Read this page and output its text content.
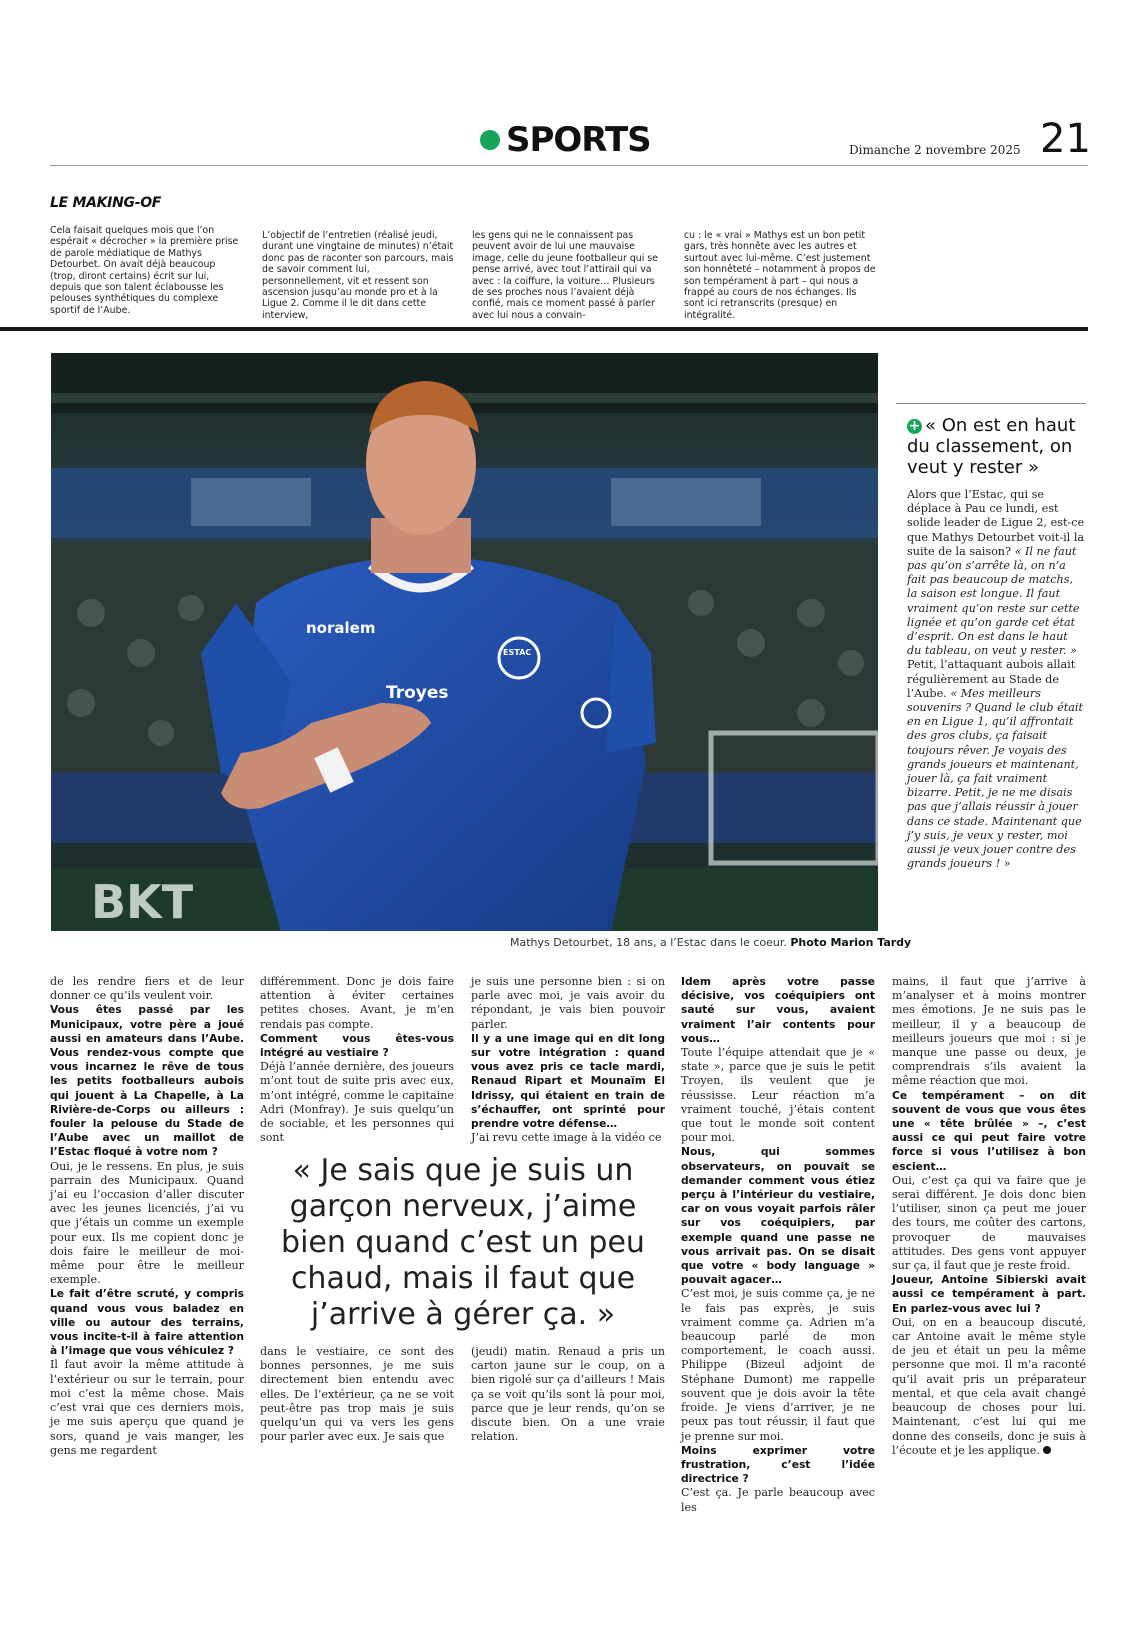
SPORTS	Dimanche 2 novembre 2025 21
LE MAKING-OF
Cela faisait quelques mois que l’on espérait « décrocher » la première prise de parole médiatique de Mathys Detourbet. On avait déjà beaucoup (trop, diront certains) écrit sur lui, depuis que son talent éclabousse les pelouses synthétiques du complexe sportif de l’Aube.
L’objectif de l’entretien (réalisé jeudi, durant une vingtaine de minutes) n’était donc pas de raconter son parcours, mais de savoir comment lui, personnellement, vit et ressent son ascension jusqu’au monde pro et à la Ligue 2. Comme il le dit dans cette interview,
les gens qui ne le connaissent pas peuvent avoir de lui une mauvaise image, celle du jeune footballeur qui se pense arrivé, avec tout l’attirail qui va avec : la coiffure, la voiture… Plusieurs de ses proches nous l’avaient déjà confié, mais ce moment passé à parler avec lui nous a convain-
cu : le « vrai » Mathys est un bon petit gars, très honnête avec les autres et surtout avec lui-même. C’est justement son honnêteté – notamment à propos de son tempérament à part – qui nous a frappé au cours de nos échanges. Ils sont ici retranscrits (presque) en intégralité.
BKT
noralem
Troyes
ESTAC
Mathys Detourbet, 18 ans, a l’Estac dans le coeur. Photo Marion Tardy
+ « On est en haut du classement, on veut y rester »
Alors que l’Estac, qui se déplace à Pau ce lundi, est solide leader de Ligue 2, est-ce que Mathys Detourbet voit-il la suite de la saison? « Il ne faut pas qu’on s’arrête là, on n’a fait pas beaucoup de matchs, la saison est longue. Il faut vraiment qu’on reste sur cette lignée et qu’on garde cet état d’esprit. On est dans le haut du tableau, on veut y rester. » Petit, l’attaquant aubois allait régulièrement au Stade de l’Aube. « Mes meilleurs souvenirs ? Quand le club était en en Ligue 1, qu’il affrontait des gros clubs, ça faisait toujours rêver. Je voyais des grands joueurs et maintenant, jouer là, ça fait vraiment bizarre. Petit, je ne me disais pas que j’allais réussir à jouer dans ce stade. Maintenant que j’y suis, je veux y rester, moi aussi je veux jouer contre des grands joueurs ! »
de les rendre fiers et de leur donner ce qu’ils veulent voir.
Vous êtes passé par les Municipaux, votre père a joué aussi en amateurs dans l’Aube. Vous rendez-vous compte que vous incarnez le rêve de tous les petits footballeurs aubois qui jouent à La Chapelle, à La Rivière-de-Corps ou ailleurs : fouler la pelouse du Stade de l’Aube avec un maillot de l’Estac floqué à votre nom ?
Oui, je le ressens. En plus, je suis parrain des Municipaux. Quand j’ai eu l’occasion d’aller discuter avec les jeunes licenciés, j’ai vu que j’étais un comme un exemple pour eux. Ils me copient donc je dois faire le meilleur de moi-même pour être le meilleur exemple.
Le fait d’être scruté, y compris quand vous vous baladez en ville ou autour des terrains, vous incite-t-il à faire attention à l’image que vous véhiculez ?
Il faut avoir la même attitude à l’extérieur ou sur le terrain, pour moi c’est la même chose. Mais c’est vrai que ces derniers mois, je me suis aperçu que quand je sors, quand je vais manger, les gens me regardent
différemment. Donc je dois faire attention à éviter certaines petites choses. Avant, je m’en rendais pas compte.
Comment vous êtes-vous intégré au vestiaire ?
Déjà l’année dernière, des joueurs m’ont tout de suite pris avec eux, m’ont intégré, comme le capitaine Adri (Monfray). Je suis quelqu’un de sociable, et les personnes qui sont
je suis une personne bien : si on parle avec moi, je vais avoir du répondant, je vais bien pouvoir parler.
Il y a une image qui en dit long sur votre intégration : quand vous avez pris ce tacle mardi, Renaud Ripart et Mounaïm El Idrissy, qui étaient en train de s’échauffer, ont sprinté pour prendre votre défense…
J’ai revu cette image à la vidéo ce
« Je sais que je suis un garçon nerveux, j’aime bien quand c’est un peu chaud, mais il faut que j’arrive à gérer ça. »
dans le vestiaire, ce sont des bonnes personnes, je me suis directement bien entendu avec elles. De l’extérieur, ça ne se voit peut-être pas trop mais je suis quelqu’un qui va vers les gens pour parler avec eux. Je sais que
(jeudi) matin. Renaud a pris un carton jaune sur le coup, on a bien rigolé sur ça d’ailleurs ! Mais ça se voit qu’ils sont là pour moi, parce que je leur rends, qu’on se discute bien. On a une vraie relation.
Idem après votre passe décisive, vos coéquipiers ont sauté sur vous, avaient vraiment l’air contents pour vous…
Toute l’équipe attendait que je « state », parce que je suis le petit Troyen, ils veulent que je réussisse. Leur réaction m’a vraiment touché, j’étais content que tout le monde soit content pour moi.
Nous, qui sommes observateurs, on pouvait se demander comment vous étiez perçu à l’intérieur du vestiaire, car on vous voyait parfois râler sur vos coéquipiers, par exemple quand une passe ne vous arrivait pas. On se disait que votre « body language » pouvait agacer…
C’est moi, je suis comme ça, je ne le fais pas exprès, je suis vraiment comme ça. Adrien m’a beaucoup parlé de mon comportement, le coach aussi. Philippe (Bizeul adjoint de Stéphane Dumont) me rappelle souvent que je dois avoir la tête froide. Je viens d’arriver, je ne peux pas tout réussir, il faut que je prenne sur moi.
Moins exprimer votre frustration, c’est l’idée directrice ?
C’est ça. Je parle beaucoup avec les
mains, il faut que j’arrive à m’analyser et à moins montrer mes émotions. Je ne suis pas le meilleur, il y a beaucoup de meilleurs joueurs que moi : si je manque une passe ou deux, je comprendrais s’ils avaient la même réaction que moi.
Ce tempérament – on dit souvent de vous que vous êtes une « tête brûlée » –, c’est aussi ce qui peut faire votre force si vous l’utilisez à bon escient…
Oui, c’est ça qui va faire que je serai différent. Je dois donc bien l’utiliser, sinon ça peut me jouer des tours, me coûter des cartons, provoquer de mauvaises attitudes. Des gens vont appuyer sur ça, il faut que je reste froid.
Joueur, Antoine Sibierski avait aussi ce tempérament à part. En parlez-vous avec lui ?
Oui, on en a beaucoup discuté, car Antoine avait le même style de jeu et était un peu la même personne que moi. Il m’a raconté qu’il avait pris un préparateur mental, et que cela avait changé beaucoup de choses pour lui. Maintenant, c’est lui qui me donne des conseils, donc je suis à l’écoute et je les applique.
